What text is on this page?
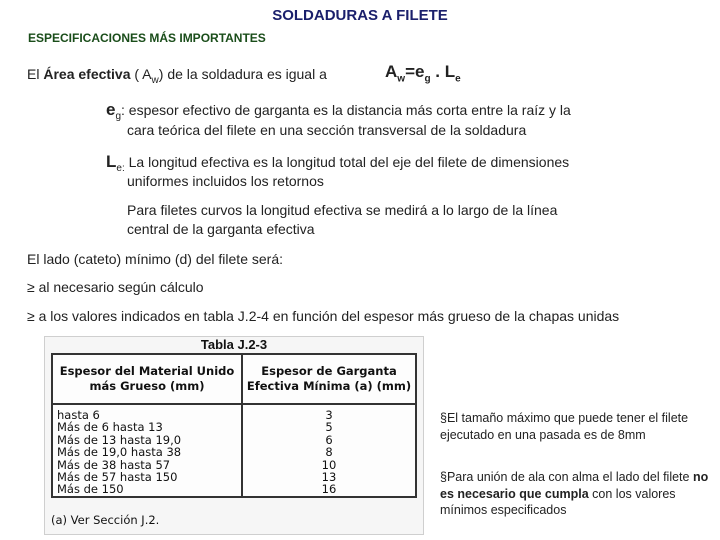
SOLDADURAS A FILETE
ESPECIFICACIONES MÁS IMPORTANTES
El Área efectiva ( $A_w$) de la soldadura es igual a	$A_w=e_g$ . $L_e$
$e_g$: espesor efectivo de garganta es la distancia más corta entre la raíz y la
cara teórica del filete en una sección transversal de la soldadura
$L_{e:}$ La longitud efectiva es la longitud total del eje del filete de dimensiones
uniformes incluidos los retornos
Para filetes curvos la longitud efectiva se medirá a lo largo de la línea
central de la garganta efectiva
El lado (cateto) mínimo (d) del filete será:
≥ al necesario según cálculo
≥ a los valores indicados en tabla J.2-4 en función del espesor más grueso de la chapas unidas
Tabla J.2-3
Espesor del Material Unido más Grueso (mm)	Espesor de Garganta Efectiva Mínima (a) (mm)
hasta 6	3
Más de 6 hasta 13	5
Más de 13 hasta 19,0	6
Más de 19,0 hasta 38	8
Más de 38 hasta 57	10
Más de 57 hasta 150	13
Más de 150	16
(a) Ver Sección J.2.
§El tamaño máximo que puede tener el filete ejecutado en una pasada es de 8mm
§Para unión de ala con alma el lado del filete no es necesario que cumpla con los valores mínimos especificados
